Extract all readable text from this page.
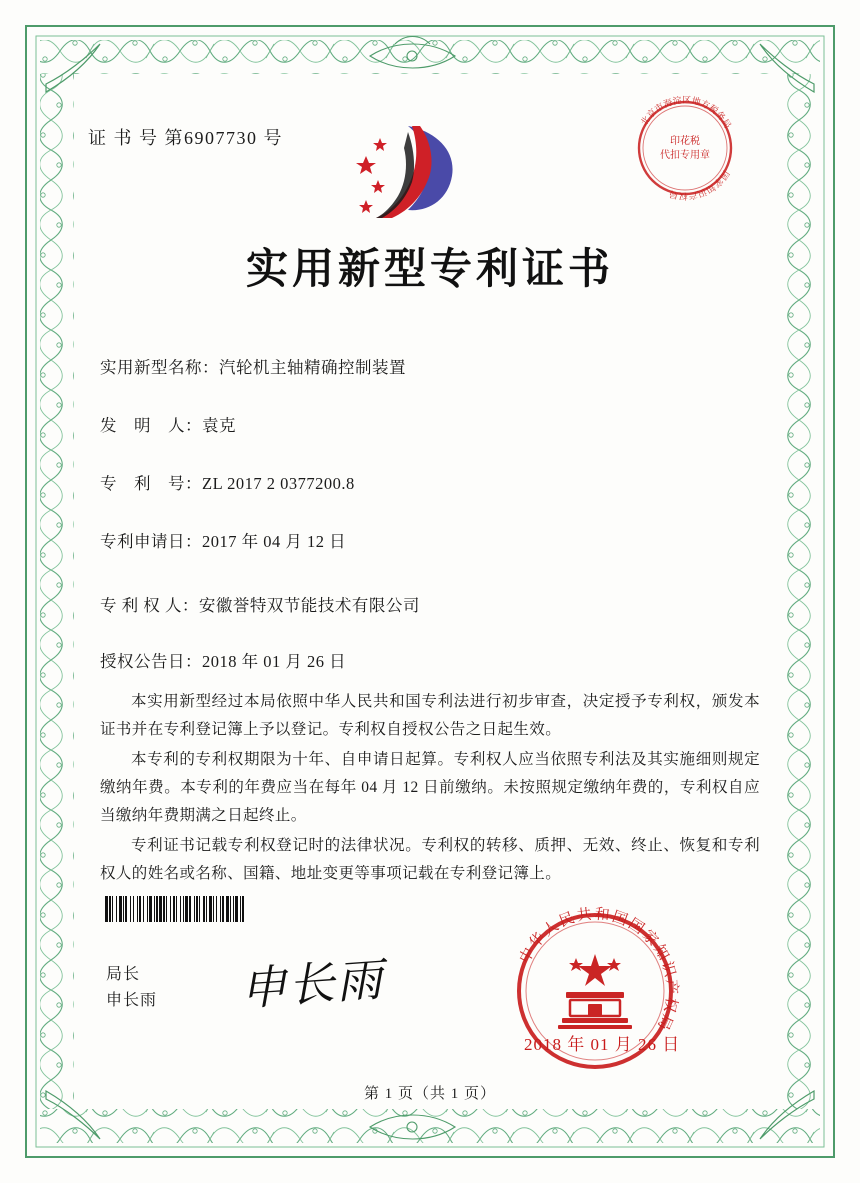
证 书 号 第6907730 号
北京市海淀区地方税务局
国家知识产权局
印花税
代扣专用章
实用新型专利证书
实用新型名称：汽轮机主轴精确控制装置
发　明　人：袁克
专　利　号：ZL 2017 2 0377200.8
专利申请日：2017 年 04 月 12 日
专 利 权 人：安徽誉特双节能技术有限公司
授权公告日：2018 年 01 月 26 日

本实用新型经过本局依照中华人民共和国专利法进行初步审查，决定授予专利权，颁发本证书并在专利登记簿上予以登记。专利权自授权公告之日起生效。

本专利的专利权期限为十年、自申请日起算。专利权人应当依照专利法及其实施细则规定缴纳年费。本专利的年费应当在每年 04 月 12 日前缴纳。未按照规定缴纳年费的，专利权自应当缴纳年费期满之日起终止。

专利证书记载专利权登记时的法律状况。专利权的转移、质押、无效、终止、恢复和专利权人的姓名或名称、国籍、地址变更等事项记载在专利登记簿上。

局长
申长雨 申长雨	中华人民共和国国家知识产权局
2018 年 01 月 26 日
第 1 页（共 1 页）
